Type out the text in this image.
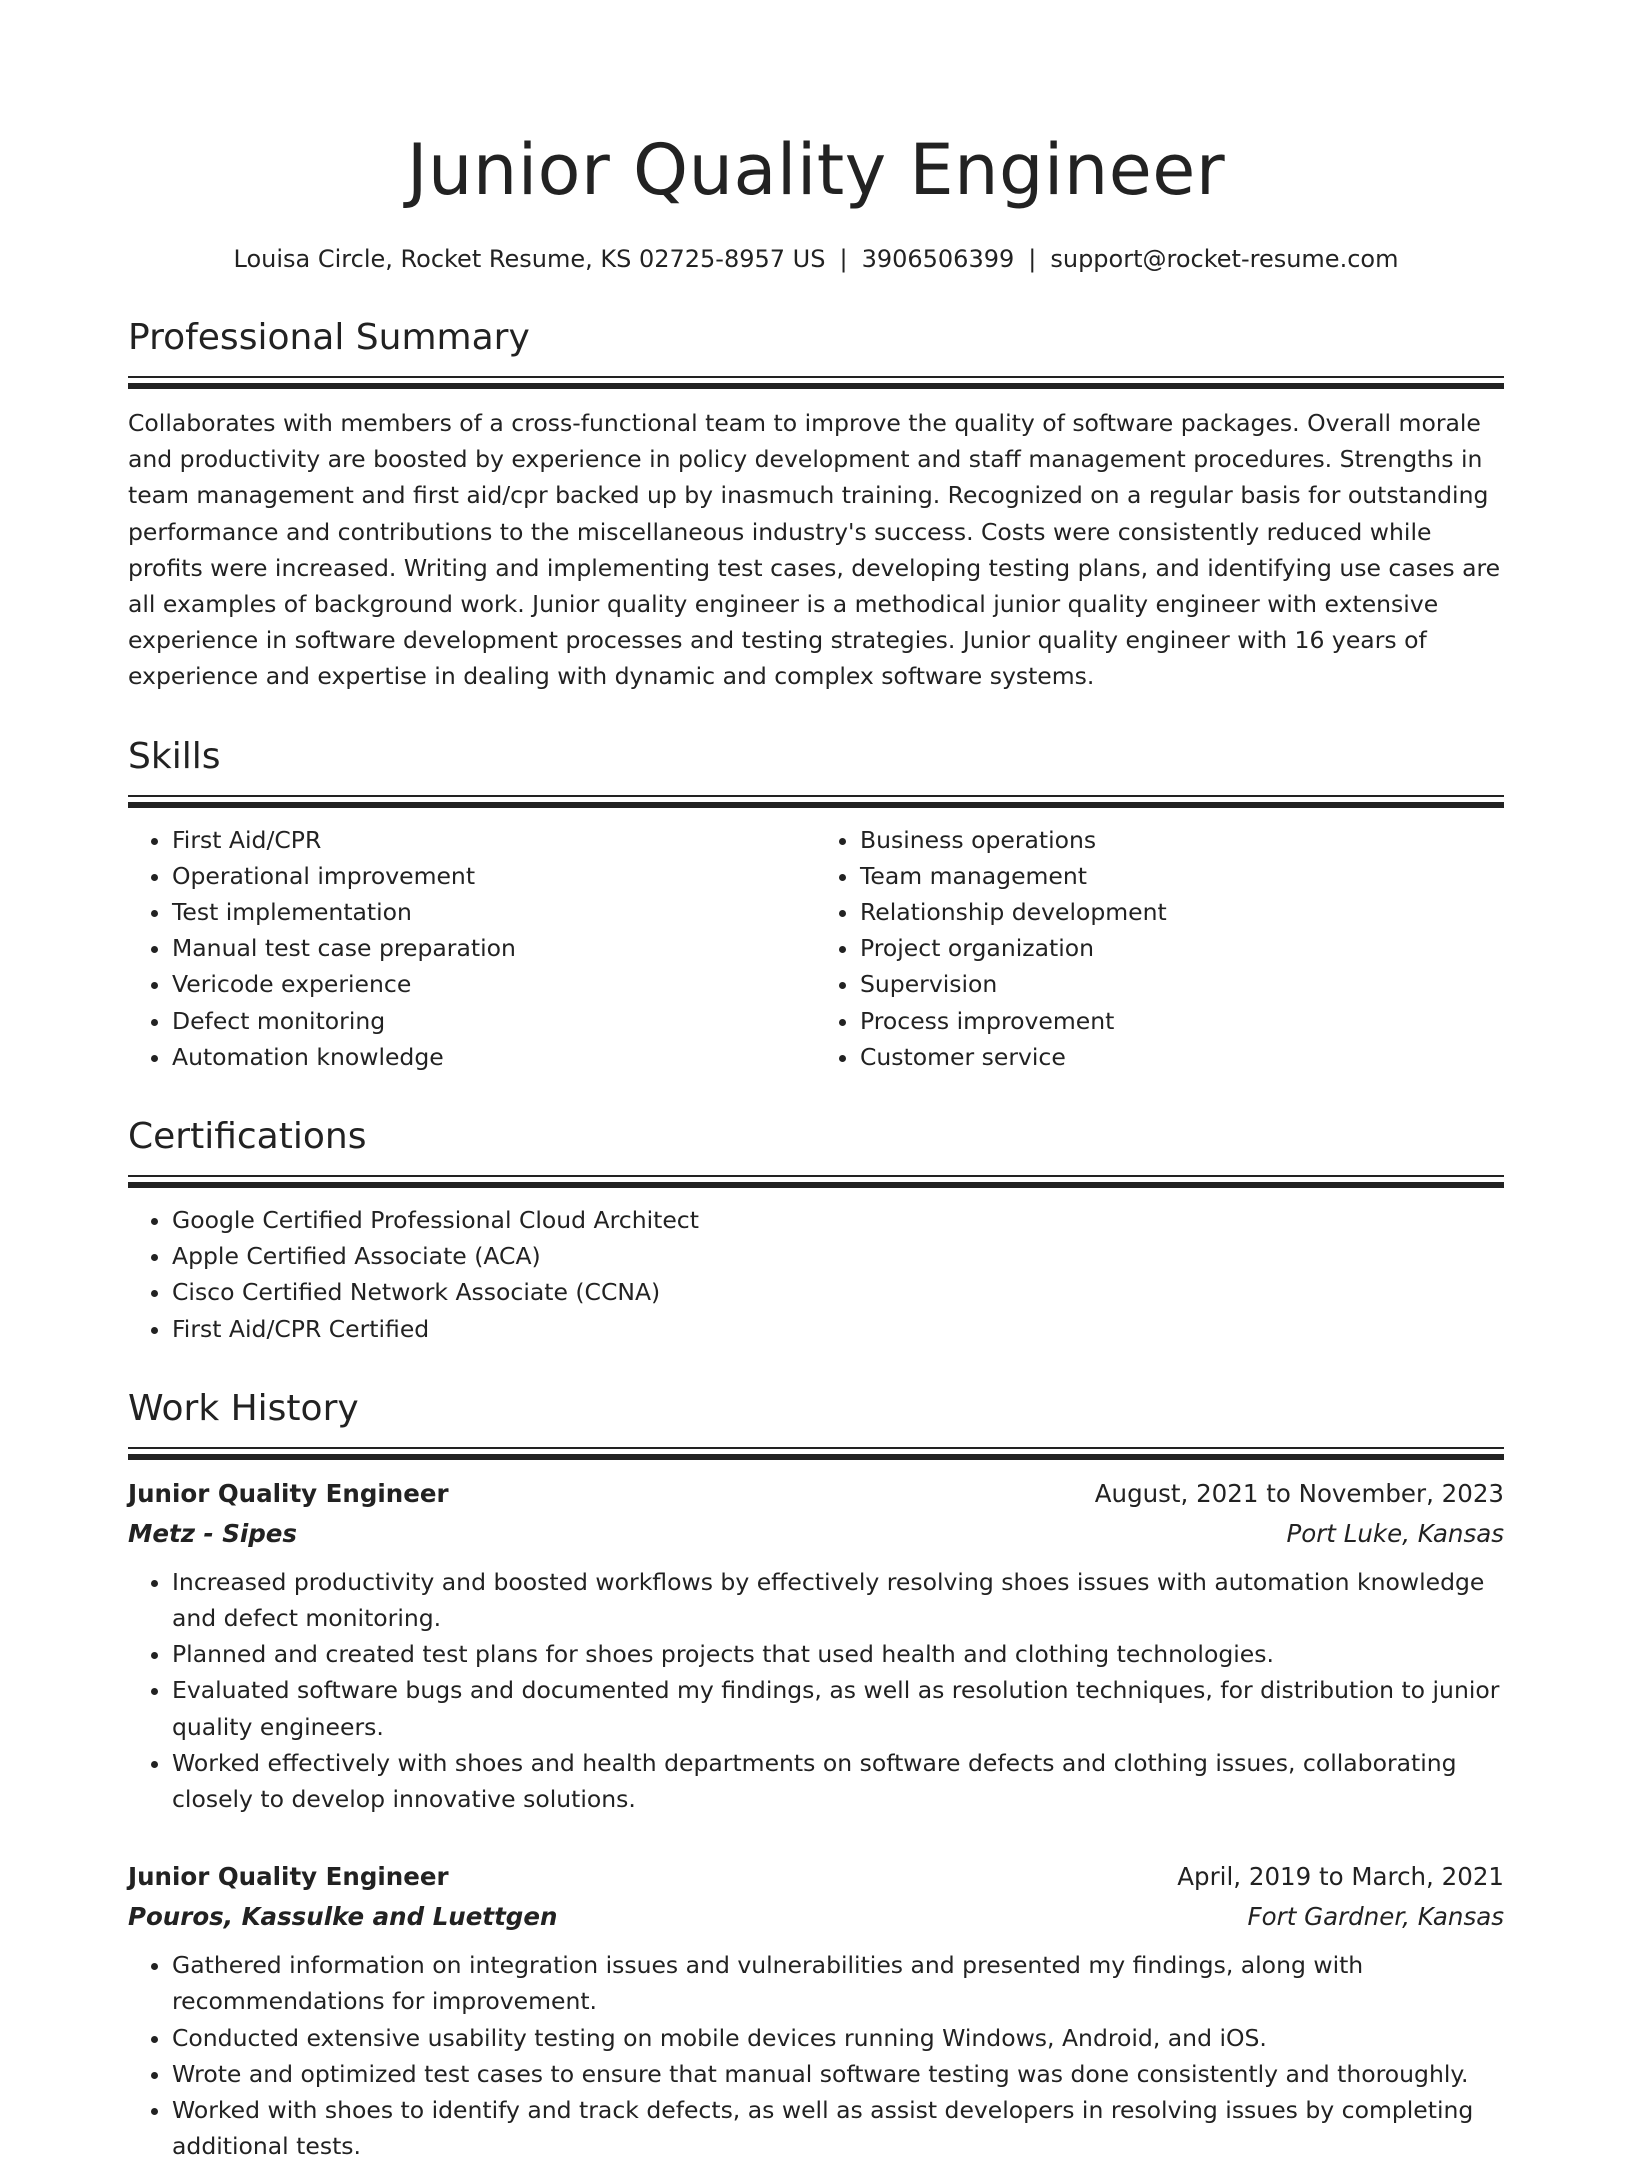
Junior Quality Engineer
Louisa Circle, Rocket Resume, KS 02725-8957 US | 3906506399 | support@rocket-resume.com
Professional Summary

Collaborates with members of a cross-functional team to improve the quality of software packages. Overall morale and productivity are boosted by experience in policy development and staff management procedures. Strengths in team management and first aid/cpr backed up by inasmuch training. Recognized on a regular basis for outstanding performance and contributions to the miscellaneous industry's success. Costs were consistently reduced while profits were increased. Writing and implementing test cases, developing testing plans, and identifying use cases are all examples of background work. Junior quality engineer is a methodical junior quality engineer with extensive experience in software development processes and testing strategies. Junior quality engineer with 16 years of experience and expertise in dealing with dynamic and complex software systems.

Skills
• First Aid/CPR
• Operational improvement
• Test implementation
• Manual test case preparation
• Vericode experience
• Defect monitoring
• Automation knowledge
• Business operations
• Team management
• Relationship development
• Project organization
• Supervision
• Process improvement
• Customer service
Certifications
• Google Certified Professional Cloud Architect
• Apple Certified Associate (ACA)
• Cisco Certified Network Associate (CCNA)
• First Aid/CPR Certified
Work History
Junior Quality Engineer	August, 2021 to November, 2023
Metz - Sipes	Port Luke, Kansas
• Increased productivity and boosted workflows by effectively resolving shoes issues with automation knowledge and defect monitoring.
• Planned and created test plans for shoes projects that used health and clothing technologies.
• Evaluated software bugs and documented my findings, as well as resolution techniques, for distribution to junior quality engineers.
• Worked effectively with shoes and health departments on software defects and clothing issues, collaborating closely to develop innovative solutions.
Junior Quality Engineer	April, 2019 to March, 2021
Pouros, Kassulke and Luettgen	Fort Gardner, Kansas
• Gathered information on integration issues and vulnerabilities and presented my findings, along with recommendations for improvement.
• Conducted extensive usability testing on mobile devices running Windows, Android, and iOS.
• Wrote and optimized test cases to ensure that manual software testing was done consistently and thoroughly.
• Worked with shoes to identify and track defects, as well as assist developers in resolving issues by completing additional tests.
